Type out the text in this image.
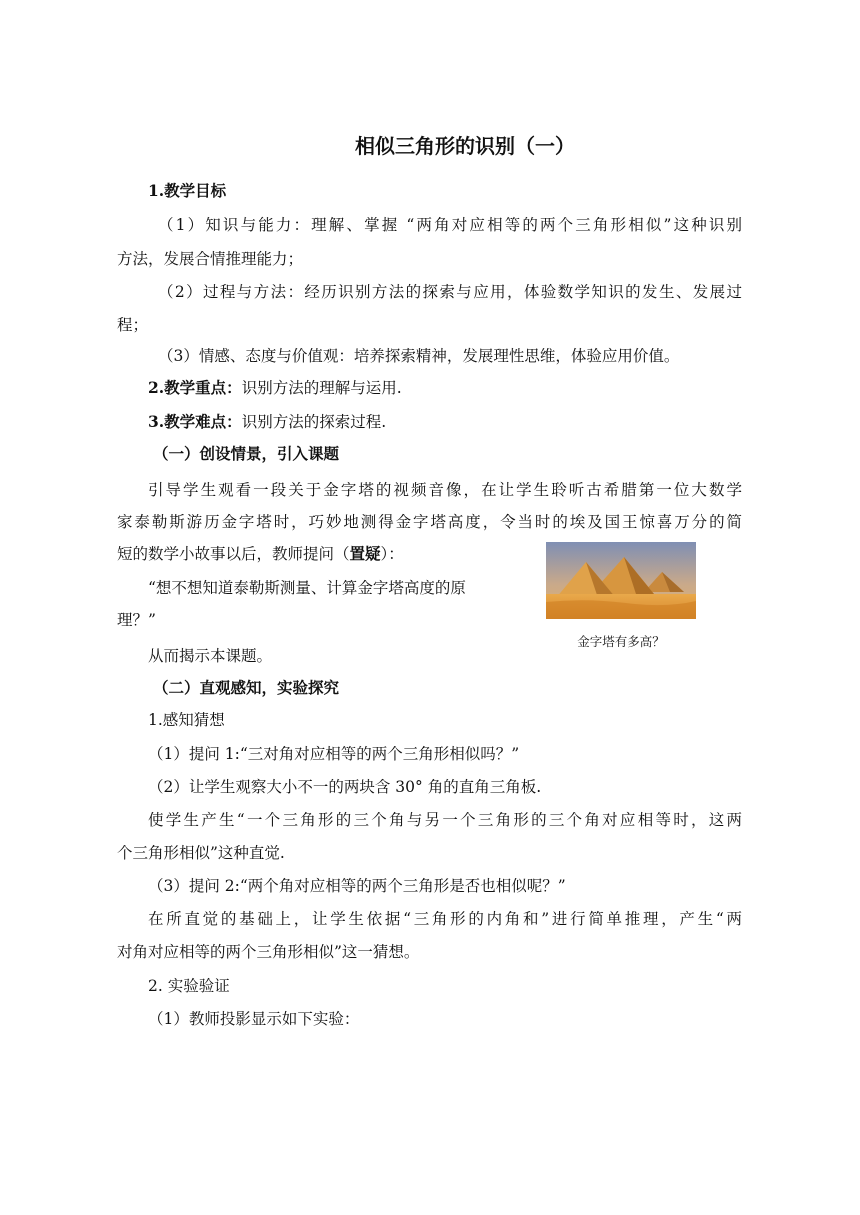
相似三角形的识别（一）
1.教学目标
（1）知识与能力：理解、掌握 “两角对应相等的两个三角形相似”这种识别
方法，发展合情推理能力；
（2）过程与方法：经历识别方法的探索与应用，体验数学知识的发生、发展过
程；
（3）情感、态度与价值观：培养探索精神，发展理性思维，体验应用价值。
2.教学重点：识别方法的理解与运用.
3.教学难点：识别方法的探索过程.
（一）创设情景，引入课题
引导学生观看一段关于金字塔的视频音像，在让学生聆听古希腊第一位大数学
家泰勒斯游历金字塔时，巧妙地测得金字塔高度，令当时的埃及国王惊喜万分的简
短的数学小故事以后，教师提问（置疑）：
“想不想知道泰勒斯测量、计算金字塔高度的原
理？”
从而揭示本课题。
金字塔有多高？
（二）直观感知，实验探究
1.感知猜想
（1）提问 1:“三对角对应相等的两个三角形相似吗？”
（2）让学生观察大小不一的两块含 30° 角的直角三角板.
使学生产生“一个三角形的三个角与另一个三角形的三个角对应相等时，这两
个三角形相似”这种直觉.
（3）提问 2:“两个角对应相等的两个三角形是否也相似呢？”
在所直觉的基础上，让学生依据“三角形的内角和”进行简单推理，产生“两
对角对应相等的两个三角形相似”这一猜想。
2. 实验验证
（1）教师投影显示如下实验：
